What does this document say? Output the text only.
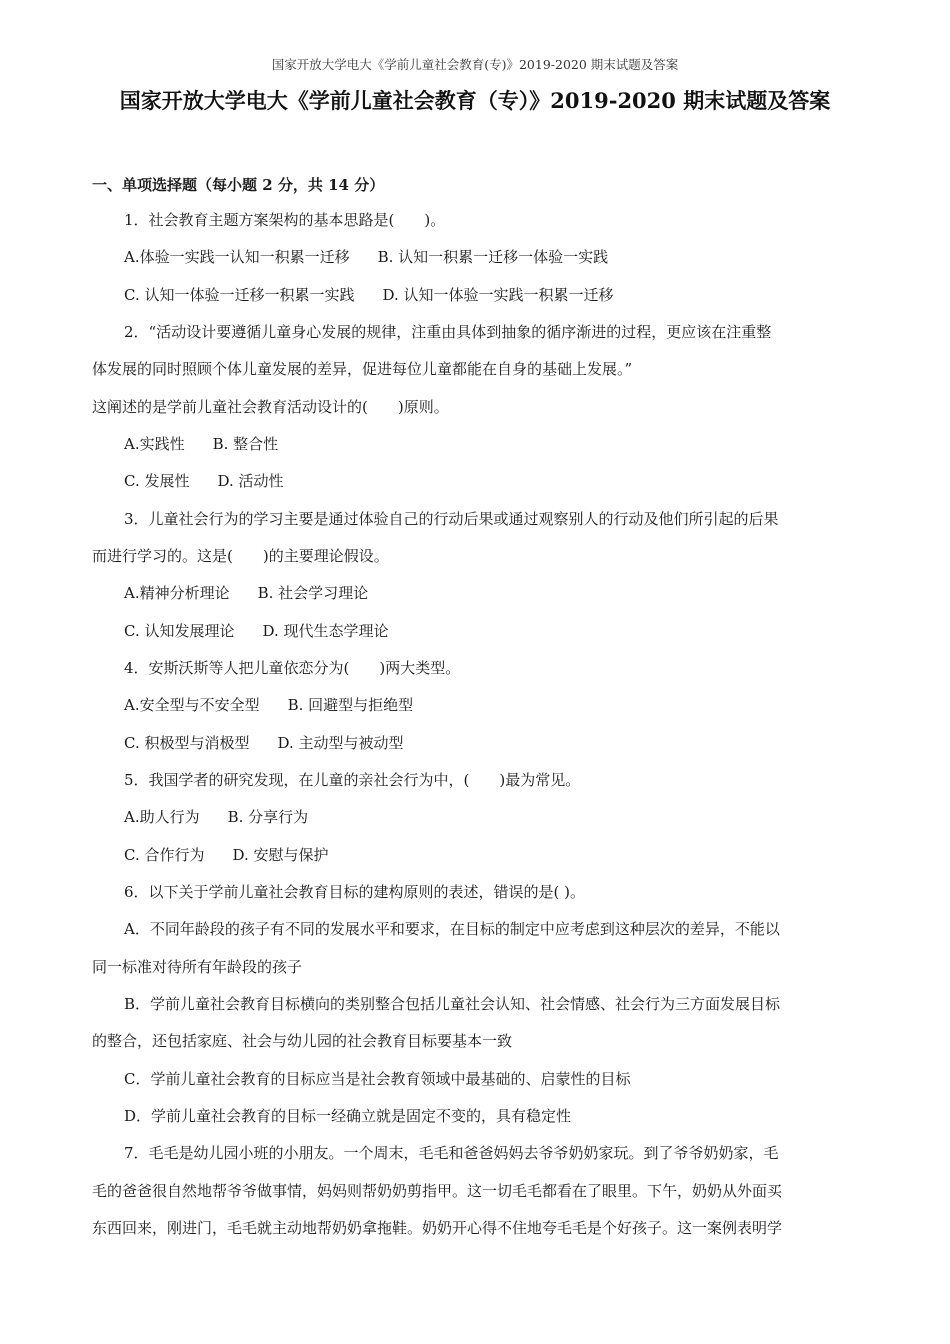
国家开放大学电大《学前儿童社会教育(专)》2019-2020 期末试题及答案
国家开放大学电大《学前儿童社会教育（专）》2019-2020 期末试题及答案
一、单项选择题（每小题 2 分，共 14 分）
1．社会教育主题方案架构的基本思路是(　　)。
A.体验一实践一认知一积累一迁移 B. 认知一积累一迁移一体验一实践
C. 认知一体验一迁移一积累一实践 D. 认知一体验一实践一积累一迁移
2．“活动设计要遵循儿童身心发展的规律，注重由具体到抽象的循序渐进的过程，更应该在注重整
体发展的同时照顾个体儿童发展的差异，促进每位儿童都能在自身的基础上发展。”
这阐述的是学前儿童社会教育活动设计的(　　)原则。
A.实践性 B. 整合性
C. 发展性 D. 活动性
3．儿童社会行为的学习主要是通过体验自己的行动后果或通过观察别人的行动及他们所引起的后果
而进行学习的。这是(　　)的主要理论假设。
A.精神分析理论 B. 社会学习理论
C. 认知发展理论 D. 现代生态学理论
4．安斯沃斯等人把儿童依恋分为(　　)两大类型。
A.安全型与不安全型 B. 回避型与拒绝型
C. 积极型与消极型 D. 主动型与被动型
5．我国学者的研究发现，在儿童的亲社会行为中，(　　)最为常见。
A.助人行为 B. 分享行为
C. 合作行为 D. 安慰与保护
6．以下关于学前儿童社会教育目标的建构原则的表述，错误的是( )。
A．不同年龄段的孩子有不同的发展水平和要求，在目标的制定中应考虑到这种层次的差异，不能以
同一标准对待所有年龄段的孩子
B．学前儿童社会教育目标横向的类别整合包括儿童社会认知、社会情感、社会行为三方面发展目标
的整合，还包括家庭、社会与幼儿园的社会教育目标要基本一致
C．学前儿童社会教育的目标应当是社会教育领域中最基础的、启蒙性的目标
D．学前儿童社会教育的目标一经确立就是固定不变的，具有稳定性
7．毛毛是幼儿园小班的小朋友。一个周末，毛毛和爸爸妈妈去爷爷奶奶家玩。到了爷爷奶奶家，毛
毛的爸爸很自然地帮爷爷做事情，妈妈则帮奶奶剪指甲。这一切毛毛都看在了眼里。下午，奶奶从外面买
东西回来，刚进门，毛毛就主动地帮奶奶拿拖鞋。奶奶开心得不住地夸毛毛是个好孩子。这一案例表明学
